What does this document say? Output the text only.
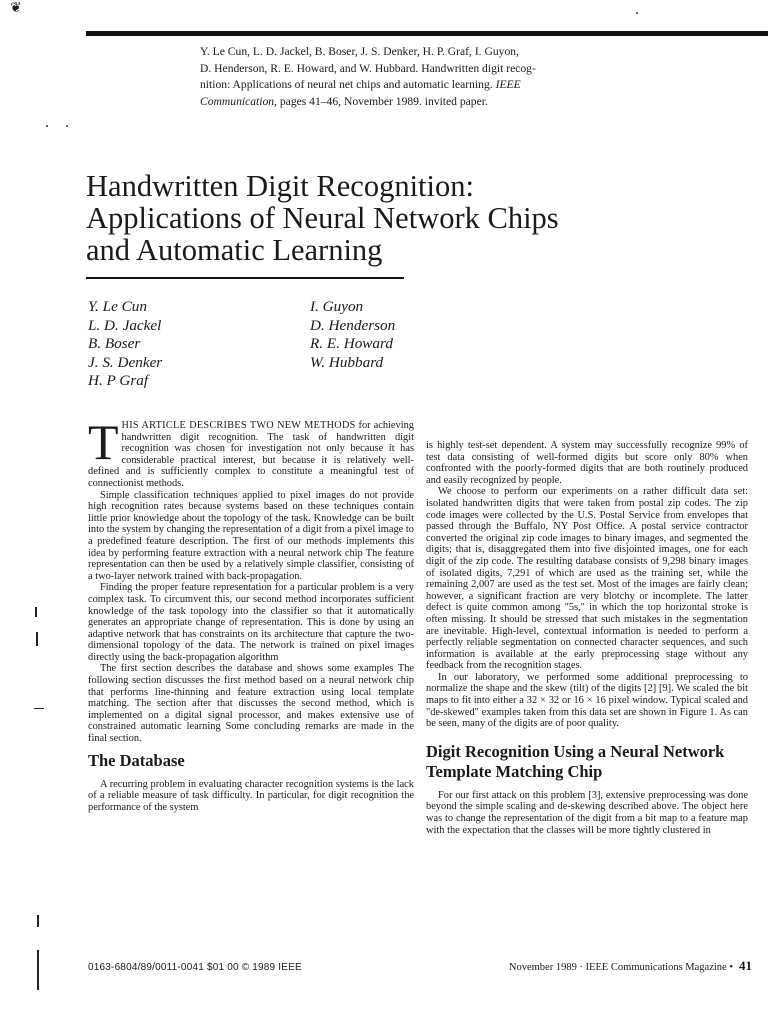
❦
Y. Le Cun, L. D. Jackel, B. Boser, J. S. Denker, H. P. Graf, I. Guyon,
D. Henderson, R. E. Howard, and W. Hubbard. Handwritten digit recog-
nition: Applications of neural net chips and automatic learning. IEEE
Communication, pages 41–46, November 1989. invited paper.
Handwritten Digit Recognition:
Applications of Neural Network Chips
and Automatic Learning
Y. Le Cun
L. D. Jackel
B. Boser
J. S. Denker
H. P Graf
I. Guyon
D. Henderson
R. E. Howard
W. Hubbard

THIS ARTICLE DESCRIBES TWO NEW METHODS for achieving handwritten digit recognition. The task of handwritten digit recognition was chosen for investigation not only because it has considerable practical interest, but because it is relatively well-defined and is sufficiently complex to constitute a meaningful test of connectionist methods.

Simple classification techniques applied to pixel images do not provide high recognition rates because systems based on these techniques contain little prior knowledge about the topology of the task. Knowledge can be built into the system by changing the representation of a digit from a pixel image to a predefined feature description. The first of our methods implements this idea by performing feature extraction with a neural network chip The feature representation can then be used by a relatively simple classifier, consisting of a two-layer network trained with back-propagation.

Finding the proper feature representation for a particular problem is a very complex task. To circumvent this, our second method incorporates sufficient knowledge of the task topology into the classifier so that it automatically generates an appropriate change of representation. This is done by using an adaptive network that has constraints on its architecture that capture the two-dimensional topology of the data. The network is trained on pixel images directly using the back-propagation algorithm

The first section describes the database and shows some examples The following section discusses the first method based on a neural network chip that performs line-thinning and feature extraction using local template matching. The section after that discusses the second method, which is implemented on a digital signal processor, and makes extensive use of constrained automatic learning Some concluding remarks are made in the final section.

The Database

A recurring problem in evaluating character recognition systems is the lack of a reliable measure of task difficulty. In particular, for digit recognition the performance of the system

is highly test-set dependent. A system may successfully recognize 99% of test data consisting of well-formed digits but score only 80% when confronted with the poorly-formed digits that are both routinely produced and easily recognized by people.

We choose to perform our experiments on a rather difficult data set: isolated handwritten digits that were taken from postal zip codes. The zip code images were collected by the U.S. Postal Service from envelopes that passed through the Buffalo, NY Post Office. A postal service contractor converted the original zip code images to binary images, and segmented the digits; that is, disaggregated them into five disjointed images, one for each digit of the zip code. The resulting database consists of 9,298 binary images of isolated digits, 7,291 of which are used as the training set, while the remaining 2,007 are used as the test set. Most of the images are fairly clean; however, a significant fraction are very blotchy or incomplete. The latter defect is quite common among "5s," in which the top horizontal stroke is often missing. It should be stressed that such mistakes in the segmentation are inevitable. High-level, contextual information is needed to perform a perfectly reliable segmentation on connected character sequences, and such information is available at the early preprocessing stage without any feedback from the recognition stages.

In our laboratory, we performed some additional preprocessing to normalize the shape and the skew (tilt) of the digits [2] [9]. We scaled the bit maps to fit into either a 32 × 32 or 16 × 16 pixel window. Typical scaled and "de-skewed" examples taken from this data set are shown in Figure 1. As can be seen, many of the digits are of poor quality.

Digit Recognition Using a Neural Network Template Matching Chip

For our first attack on this problem [3], extensive preprocessing was done beyond the simple scaling and de-skewing described above. The object here was to change the representation of the digit from a bit map to a feature map with the expectation that the classes will be more tightly clustered in

0163-6804/89/0011-0041 $01 00 © 1989 IEEE	November 1989 · IEEE Communications Magazine • 41
